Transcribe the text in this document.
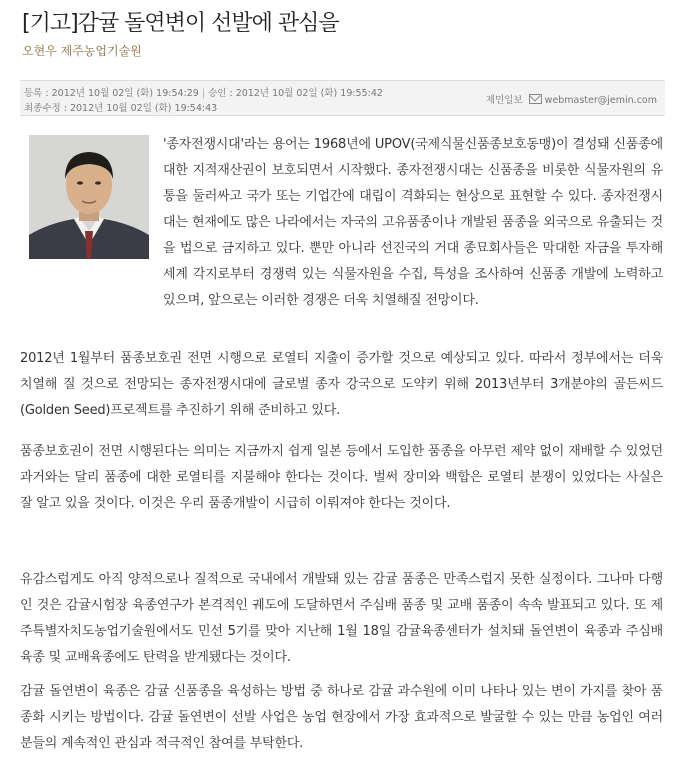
[기고]감귤 돌연변이 선발에 관심을
오현우 제주농업기술원
등록 : 2012년 10월 02일 (화) 19:54:29 | 승인 : 2012년 10월 02일 (화) 19:55:42
최종수정 : 2012년 10월 02일 (화) 19:54:43
제민일보 webmaster@jemin.com

'종자전쟁시대'라는 용어는 1968년에 UPOV(국제식물신품종보호동맹)이 결성돼 신품종에 대한 지적재산권이 보호되면서 시작했다. 종자전쟁시대는 신품종을 비롯한 식물자원의 유통을 둘러싸고 국가 또는 기업간에 대립이 격화되는 현상으로 표현할 수 있다. 종자전쟁시대는 현재에도 많은 나라에서는 자국의 고유품종이나 개발된 품종을 외국으로 유출되는 것을 법으로 금지하고 있다. 뿐만 아니라 선진국의 거대 종묘회사들은 막대한 자금을 투자해 세계 각지로부터 경쟁력 있는 식물자원을 수집, 특성을 조사하여 신품종 개발에 노력하고 있으며, 앞으로는 이러한 경쟁은 더욱 치열해질 전망이다.

2012년 1월부터 품종보호권 전면 시행으로 로열티 지출이 증가할 것으로 예상되고 있다. 따라서 정부에서는 더욱 치열해 질 것으로 전망되는 종자전쟁시대에 글로벌 종자 강국으로 도약키 위해 2013년부터 3개분야의 골든씨드(Golden Seed)프로젝트를 추진하기 위해 준비하고 있다.

품종보호권이 전면 시행된다는 의미는 지금까지 쉽게 일본 등에서 도입한 품종을 아무런 제약 없이 재배할 수 있었던 과거와는 달리 품종에 대한 로열티를 지불해야 한다는 것이다. 벌써 장미와 백합은 로열티 분쟁이 있었다는 사실은 잘 알고 있을 것이다. 이것은 우리 품종개발이 시급히 이뤄져야 한다는 것이다.

유감스럽게도 아직 양적으로나 질적으로 국내에서 개발돼 있는 감귤 품종은 만족스럽지 못한 실정이다. 그나마 다행인 것은 감귤시험장 육종연구가 본격적인 궤도에 도달하면서 주심배 품종 및 교배 품종이 속속 발표되고 있다. 또 제주특별자치도농업기술원에서도 민선 5기를 맞아 지난해 1월 18일 감귤육종센터가 설치돼 돌연변이 육종과 주심배 육종 및 교배육종에도 탄력을 받게됐다는 것이다.

감귤 돌연변이 육종은 감귤 신품종을 육성하는 방법 중 하나로 감귤 과수원에 이미 나타나 있는 변이 가지를 찾아 품종화 시키는 방법이다. 감귤 돌연변이 선발 사업은 농업 현장에서 가장 효과적으로 발굴할 수 있는 만큼 농업인 여러분들의 계속적인 관심과 적극적인 참여를 부탁한다.
